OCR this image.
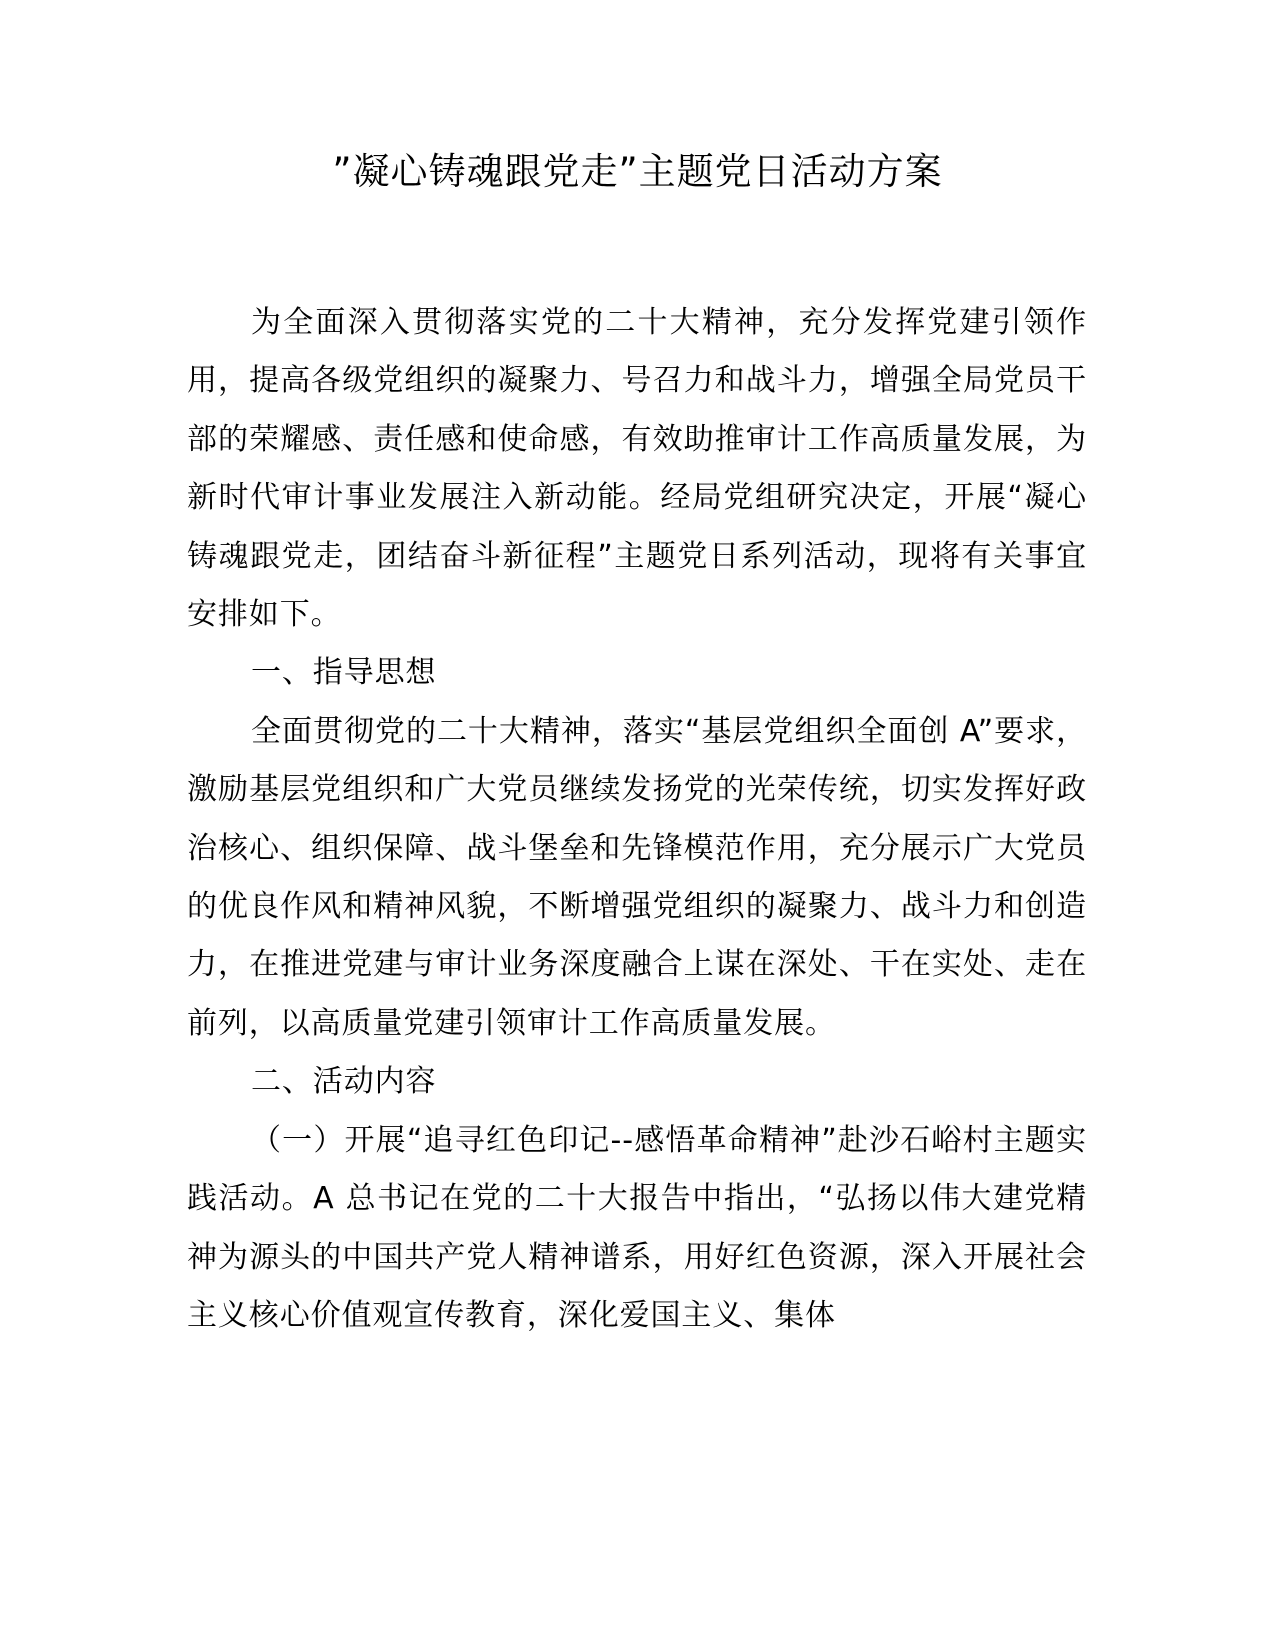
”凝心铸魂跟党走”主题党日活动方案

为全面深入贯彻落实党的二十大精神，充分发挥党建引领作用，提高各级党组织的凝聚力、号召力和战斗力，增强全局党员干部的荣耀感、责任感和使命感，有效助推审计工作高质量发展，为新时代审计事业发展注入新动能。经局党组研究决定，开展“凝心铸魂跟党走，团结奋斗新征程”主题党日系列活动，现将有关事宜安排如下。

一、指导思想

全面贯彻党的二十大精神，落实“基层党组织全面创 A”要求，激励基层党组织和广大党员继续发扬党的光荣传统，切实发挥好政治核心、组织保障、战斗堡垒和先锋模范作用，充分展示广大党员的优良作风和精神风貌，不断增强党组织的凝聚力、战斗力和创造力，在推进党建与审计业务深度融合上谋在深处、干在实处、走在前列，以高质量党建引领审计工作高质量发展。

二、活动内容

（一）开展“追寻红色印记--感悟革命精神”赴沙石峪村主题实践活动。A 总书记在党的二十大报告中指出，“弘扬以伟大建党精神为源头的中国共产党人精神谱系，用好红色资源，深入开展社会主义核心价值观宣传教育，深化爱国主义、集体
